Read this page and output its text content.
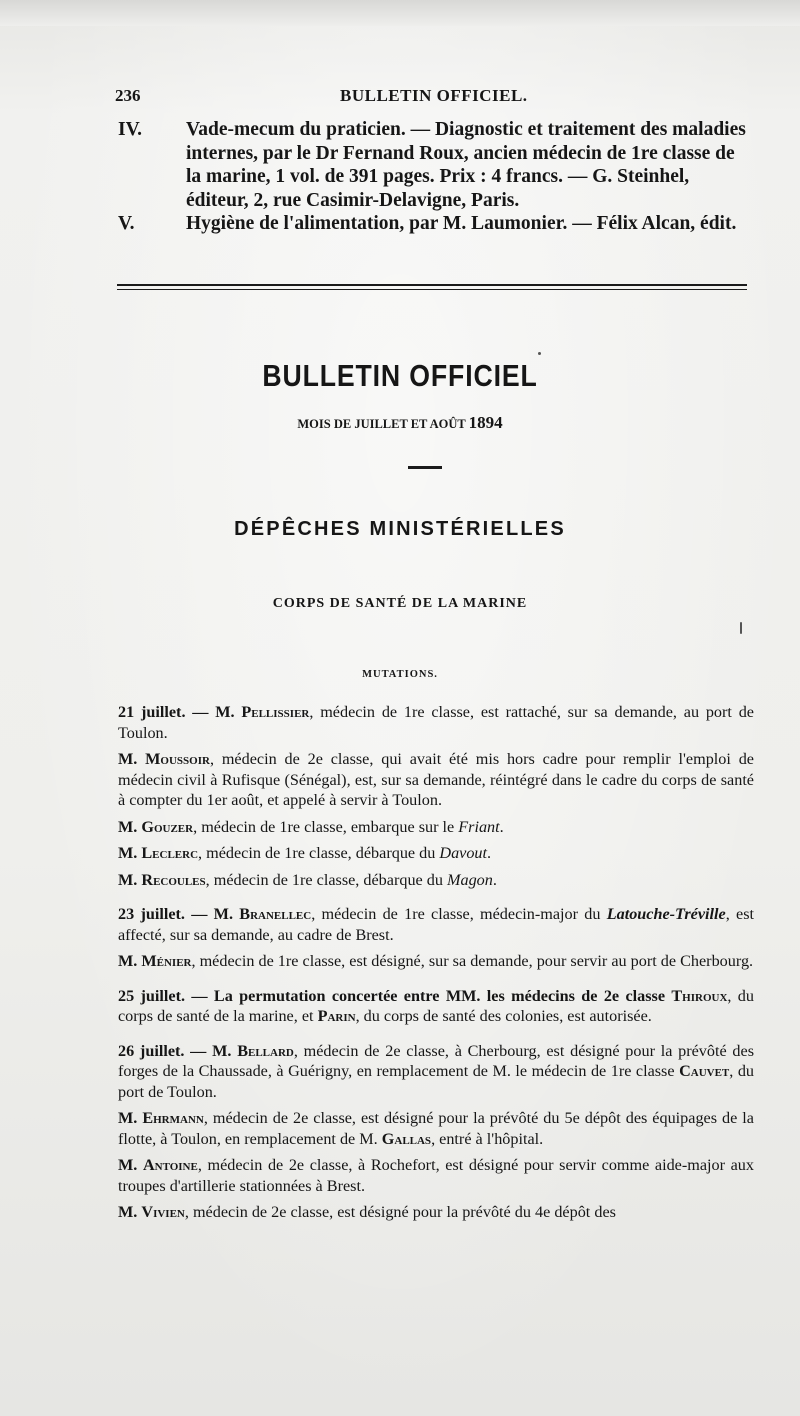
236	BULLETIN OFFICIEL.

IV. Vade-mecum du praticien. — Diagnostic et traitement des maladies internes, par le Dr Fernand Roux, ancien médecin de 1re classe de la marine, 1 vol. de 391 pages. Prix : 4 francs. — G. Steinhel, éditeur, 2, rue Casimir-Delavigne, Paris.

V.	Hygiène de l'alimentation, par M. Laumonier. — Félix Alcan, édit.

BULLETIN OFFICIEL
MOIS DE JUILLET ET AOÛT 1894
DÉPÊCHES MINISTÉRIELLES
CORPS DE SANTÉ DE LA MARINE
MUTATIONS.

21 juillet. — M. Pellissier, médecin de 1re classe, est rattaché, sur sa demande, au port de Toulon.

M. Moussoir, médecin de 2e classe, qui avait été mis hors cadre pour remplir l'emploi de médecin civil à Rufisque (Sénégal), est, sur sa demande, réintégré dans le cadre du corps de santé à compter du 1er août, et appelé à servir à Toulon.

M. Gouzer, médecin de 1re classe, embarque sur le Friant.

M. Leclerc, médecin de 1re classe, débarque du Davout.

M. Recoules, médecin de 1re classe, débarque du Magon.

23 juillet. — M. Branellec, médecin de 1re classe, médecin-major du Latouche-Tréville, est affecté, sur sa demande, au cadre de Brest.

M. Ménier, médecin de 1re classe, est désigné, sur sa demande, pour servir au port de Cherbourg.

25 juillet. — La permutation concertée entre MM. les médecins de 2e classe Thiroux, du corps de santé de la marine, et Parin, du corps de santé des colonies, est autorisée.

26 juillet. — M. Bellard, médecin de 2e classe, à Cherbourg, est désigné pour la prévôté des forges de la Chaussade, à Guérigny, en remplacement de M. le médecin de 1re classe Cauvet, du port de Toulon.

M. Ehrmann, médecin de 2e classe, est désigné pour la prévôté du 5e dépôt des équipages de la flotte, à Toulon, en remplacement de M. Gallas, entré à l'hôpital.

M. Antoine, médecin de 2e classe, à Rochefort, est désigné pour servir comme aide-major aux troupes d'artillerie stationnées à Brest.

M. Vivien, médecin de 2e classe, est désigné pour la prévôté du 4e dépôt des
